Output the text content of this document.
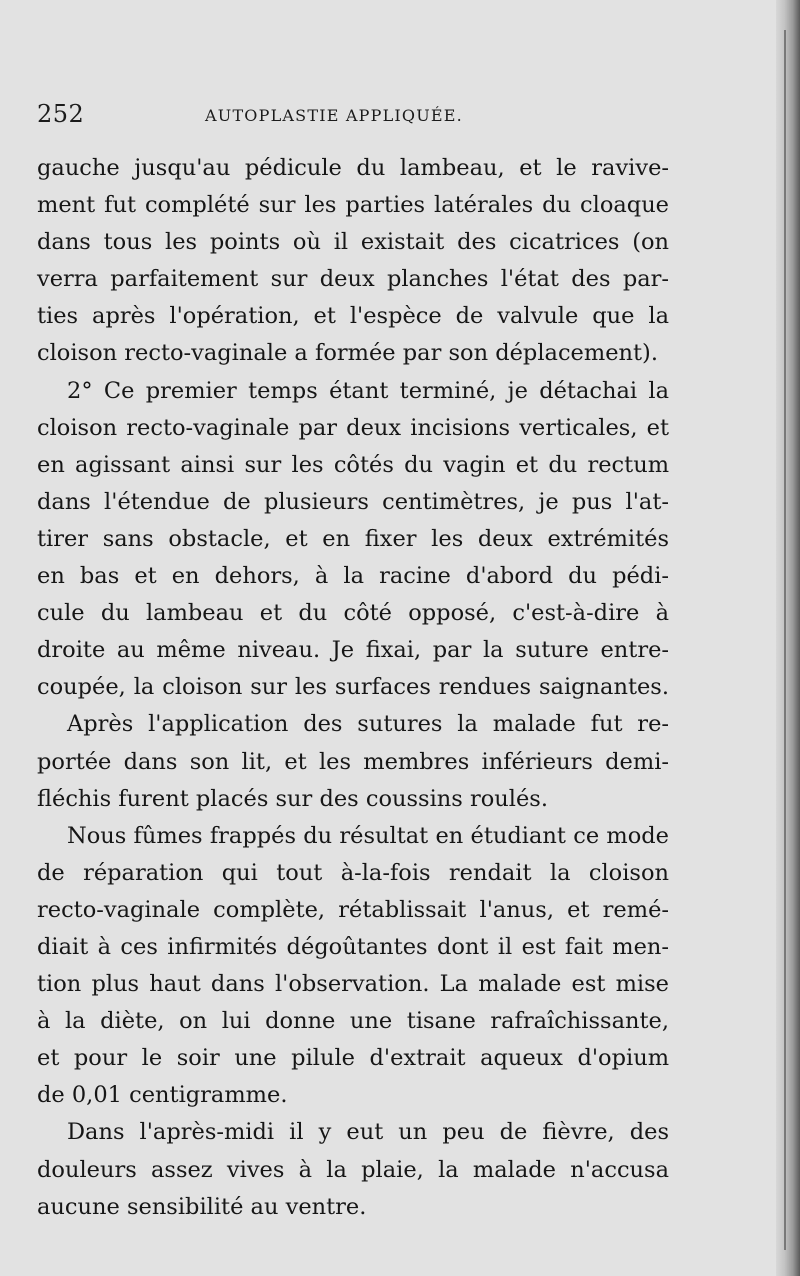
252	AUTOPLASTIE APPLIQUÉE.

gauche jusqu'au pédicule du lambeau, et le ravive-
ment fut complété sur les parties latérales du cloaque
dans tous les points où il existait des cicatrices (on
verra parfaitement sur deux planches l'état des par-
ties après l'opération, et l'espèce de valvule que la
cloison recto-vaginale a formée par son déplacement).

2° Ce premier temps étant terminé, je détachai la
cloison recto-vaginale par deux incisions verticales, et
en agissant ainsi sur les côtés du vagin et du rectum
dans l'étendue de plusieurs centimètres, je pus l'at-
tirer sans obstacle, et en fixer les deux extrémités
en bas et en dehors, à la racine d'abord du pédi-
cule du lambeau et du côté opposé, c'est-à-dire à
droite au même niveau. Je fixai, par la suture entre-
coupée, la cloison sur les surfaces rendues saignantes.

Après l'application des sutures la malade fut re-
portée dans son lit, et les membres inférieurs demi-
fléchis furent placés sur des coussins roulés.

Nous fûmes frappés du résultat en étudiant ce mode
de réparation qui tout à-la-fois rendait la cloison
recto-vaginale complète, rétablissait l'anus, et remé-
diait à ces infirmités dégoûtantes dont il est fait men-
tion plus haut dans l'observation. La malade est mise
à la diète, on lui donne une tisane rafraîchissante,
et pour le soir une pilule d'extrait aqueux d'opium
de 0,01 centigramme.

Dans l'après-midi il y eut un peu de fièvre, des
douleurs assez vives à la plaie, la malade n'accusa
aucune sensibilité au ventre.
